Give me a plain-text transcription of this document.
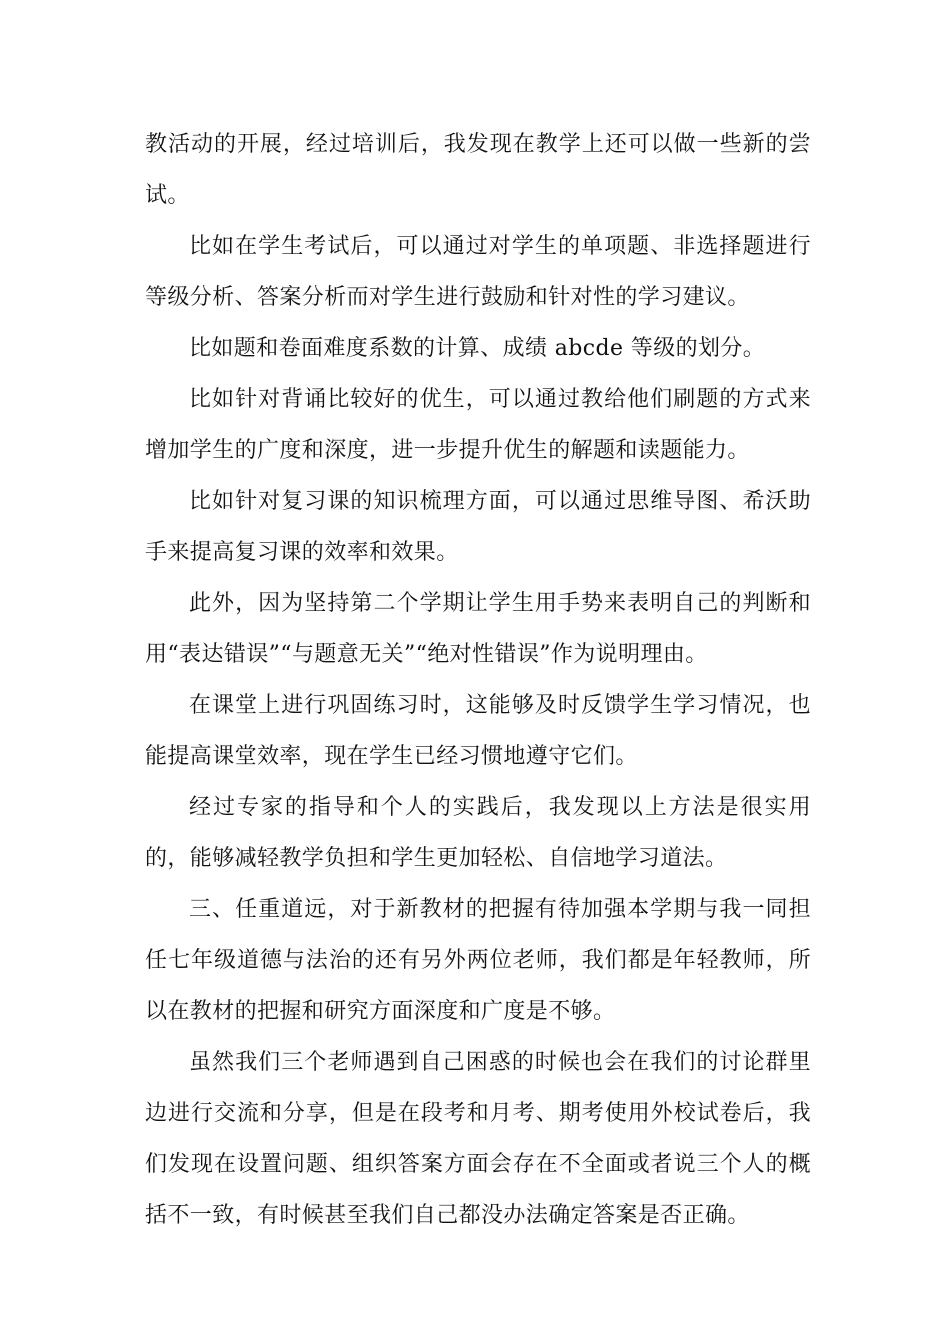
教活动的开展，经过培训后，我发现在教学上还可以做一些新的尝试。

比如在学生考试后，可以通过对学生的单项题、非选择题进行等级分析、答案分析而对学生进行鼓励和针对性的学习建议。

比如题和卷面难度系数的计算、成绩 abcde 等级的划分。

比如针对背诵比较好的优生，可以通过教给他们刷题的方式来增加学生的广度和深度，进一步提升优生的解题和读题能力。

比如针对复习课的知识梳理方面，可以通过思维导图、希沃助手来提高复习课的效率和效果。

此外，因为坚持第二个学期让学生用手势来表明自己的判断和用“表达错误”“与题意无关”“绝对性错误”作为说明理由。

在课堂上进行巩固练习时，这能够及时反馈学生学习情况，也能提高课堂效率，现在学生已经习惯地遵守它们。

经过专家的指导和个人的实践后，我发现以上方法是很实用的，能够减轻教学负担和学生更加轻松、自信地学习道法。

三、任重道远，对于新教材的把握有待加强本学期与我一同担任七年级道德与法治的还有另外两位老师，我们都是年轻教师，所以在教材的把握和研究方面深度和广度是不够。

虽然我们三个老师遇到自己困惑的时候也会在我们的讨论群里边进行交流和分享，但是在段考和月考、期考使用外校试卷后，我们发现在设置问题、组织答案方面会存在不全面或者说三个人的概括不一致，有时候甚至我们自己都没办法确定答案是否正确。
